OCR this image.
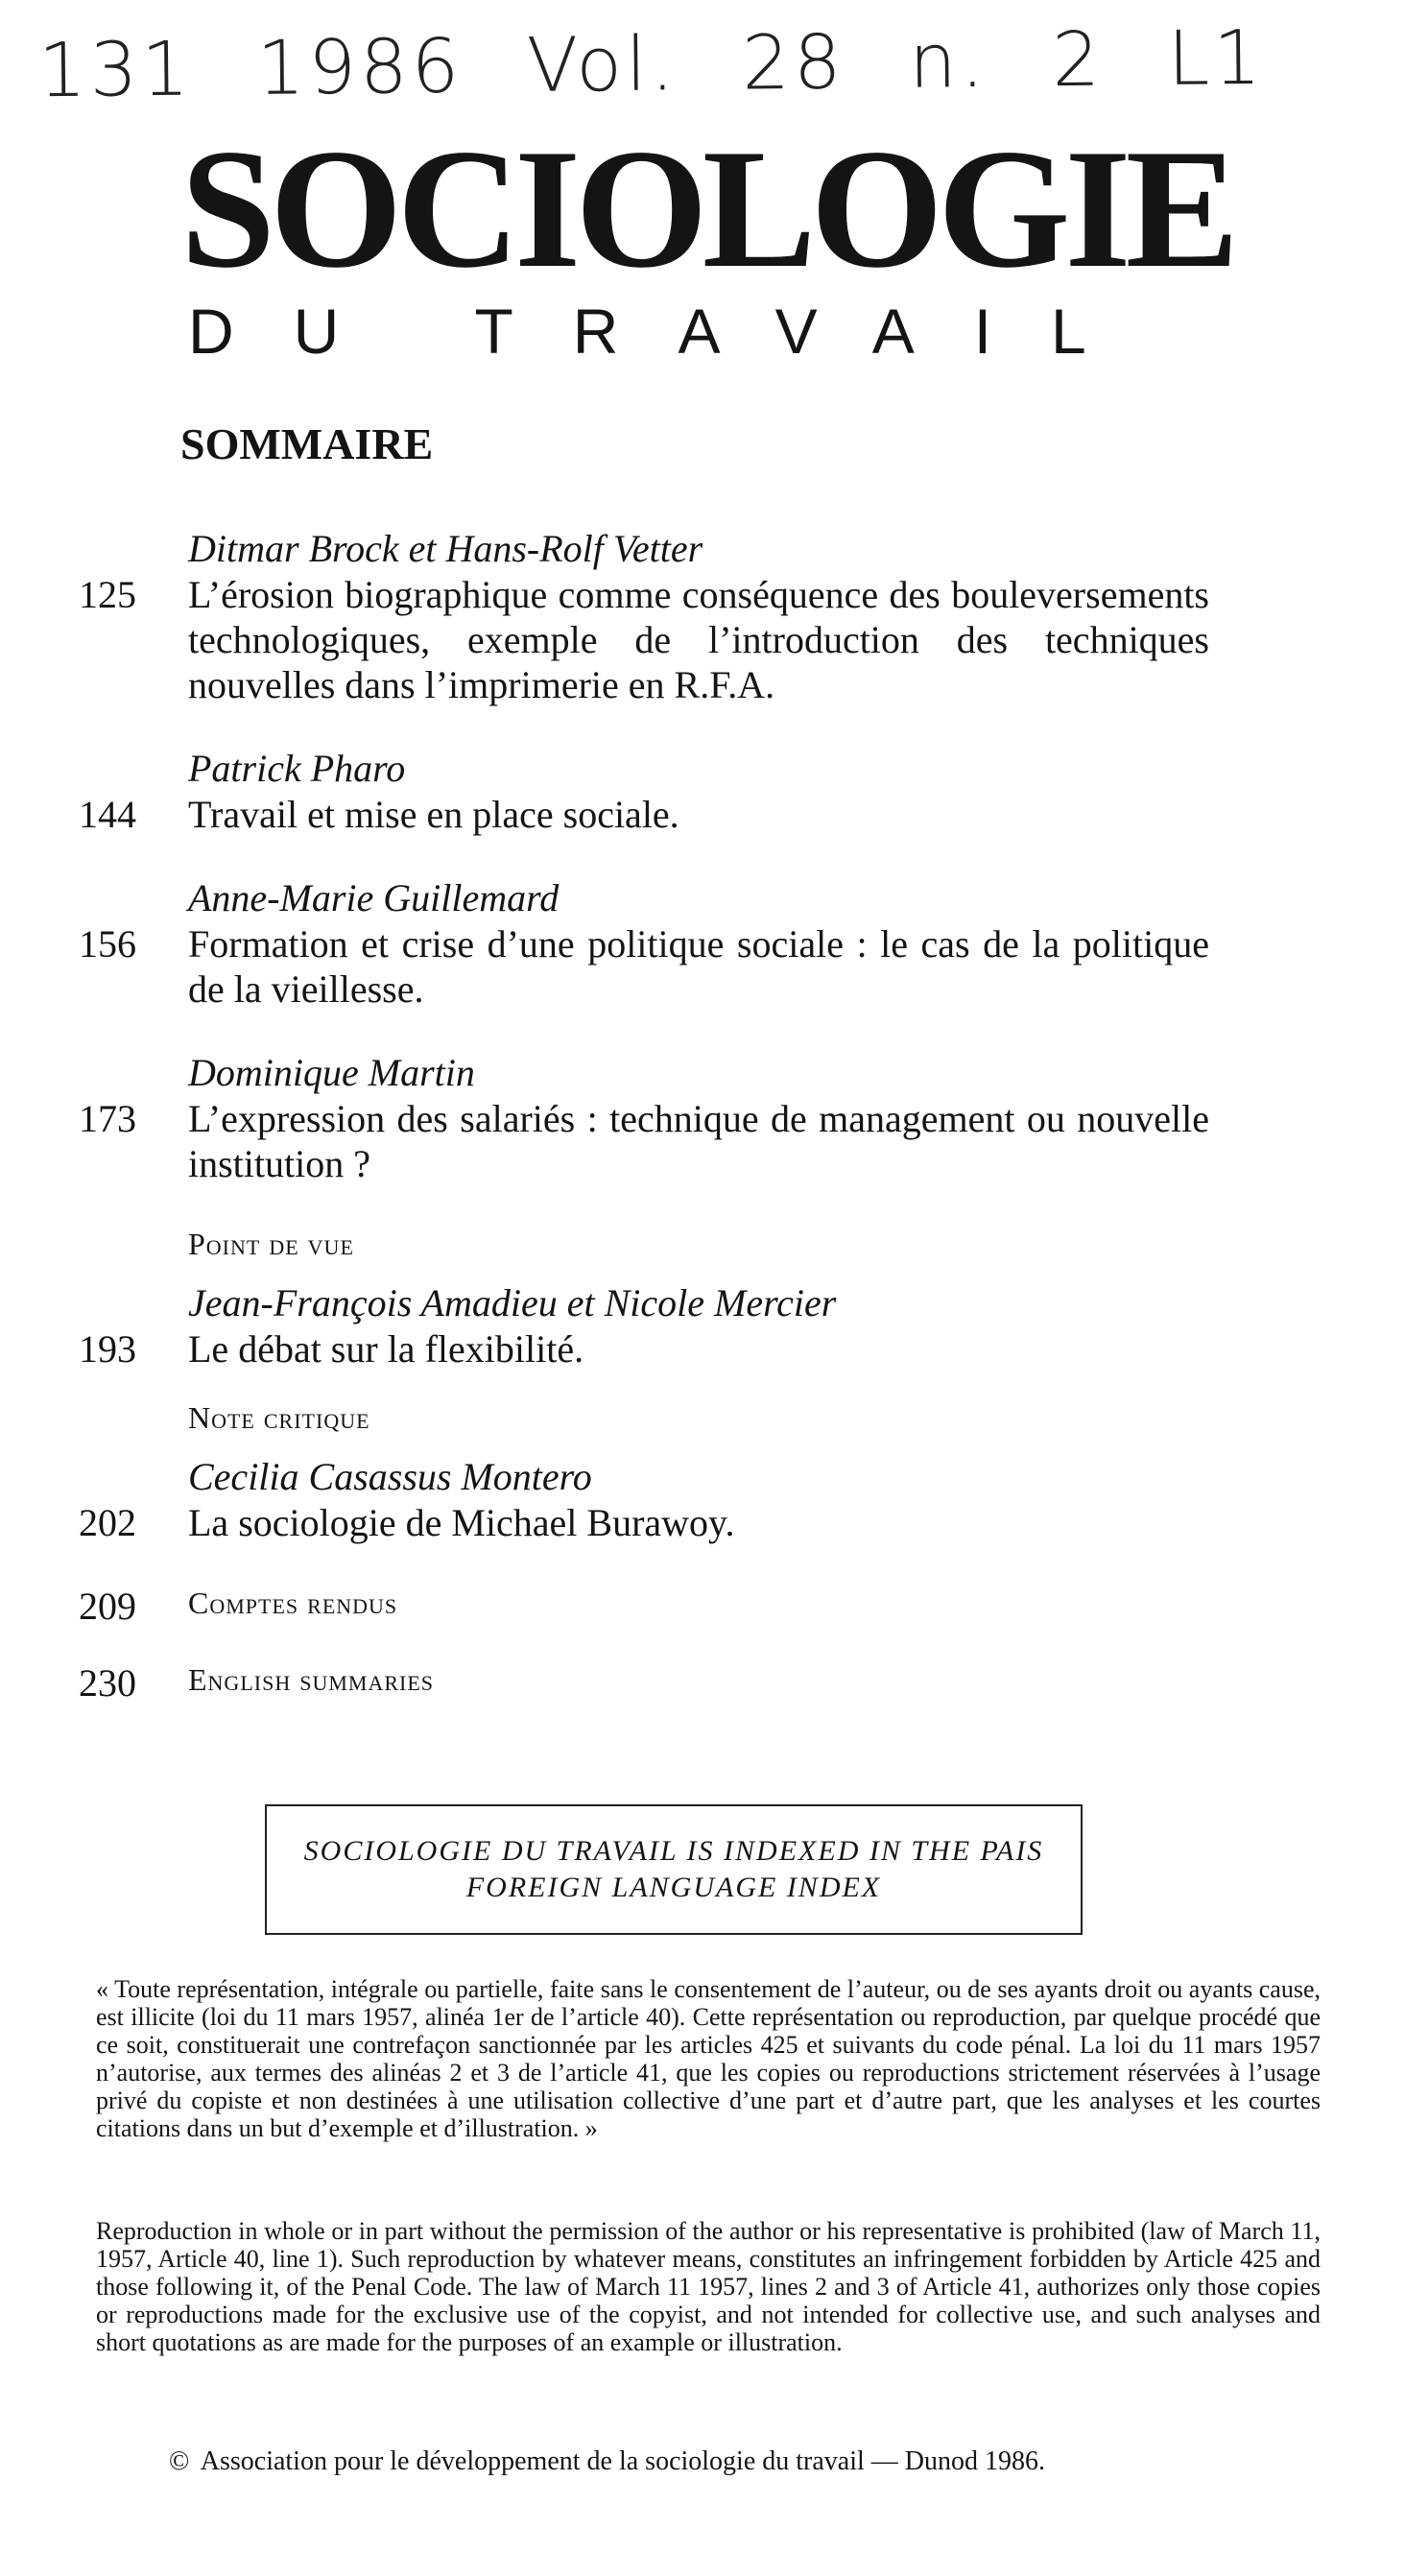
131 1986 Vol. 28 n. 2 L1
SOCIOLOGIE
DU TRAVAIL
SOMMAIRE
Ditmar Brock et Hans-Rolf Vetter
125	L’érosion biographique comme conséquence des bouleversements technologiques, exemple de l’introduction des techniques nouvelles dans l’imprimerie en R.F.A.
Patrick Pharo
144	Travail et mise en place sociale.
Anne-Marie Guillemard
156	Formation et crise d’une politique sociale : le cas de la politique de la vieillesse.
Dominique Martin
173	L’expression des salariés : technique de management ou nouvelle institution ?
Point de vue
Jean-François Amadieu et Nicole Mercier
193	Le débat sur la flexibilité.
Note critique
Cecilia Casassus Montero
202	La sociologie de Michael Burawoy.
209	Comptes rendus
230	English summaries
SOCIOLOGIE DU TRAVAIL IS INDEXED IN THE PAIS FOREIGN LANGUAGE INDEX
« Toute représentation, intégrale ou partielle, faite sans le consentement de l’auteur, ou de ses ayants droit ou ayants cause, est illicite (loi du 11 mars 1957, alinéa 1er de l’article 40). Cette représentation ou reproduction, par quelque procédé que ce soit, constituerait une contrefaçon sanctionnée par les articles 425 et suivants du code pénal. La loi du 11 mars 1957 n’autorise, aux termes des alinéas 2 et 3 de l’article 41, que les copies ou reproductions strictement réservées à l’usage privé du copiste et non destinées à une utilisation collective d’une part et d’autre part, que les analyses et les courtes citations dans un but d’exemple et d’illustration. »
Reproduction in whole or in part without the permission of the author or his representative is prohibited (law of March 11, 1957, Article 40, line 1). Such reproduction by whatever means, constitutes an infringement forbidden by Article 425 and those following it, of the Penal Code. The law of March 11 1957, lines 2 and 3 of Article 41, authorizes only those copies or reproductions made for the exclusive use of the copyist, and not intended for collective use, and such analyses and short quotations as are made for the purposes of an example or illustration.
© Association pour le développement de la sociologie du travail — Dunod 1986.
